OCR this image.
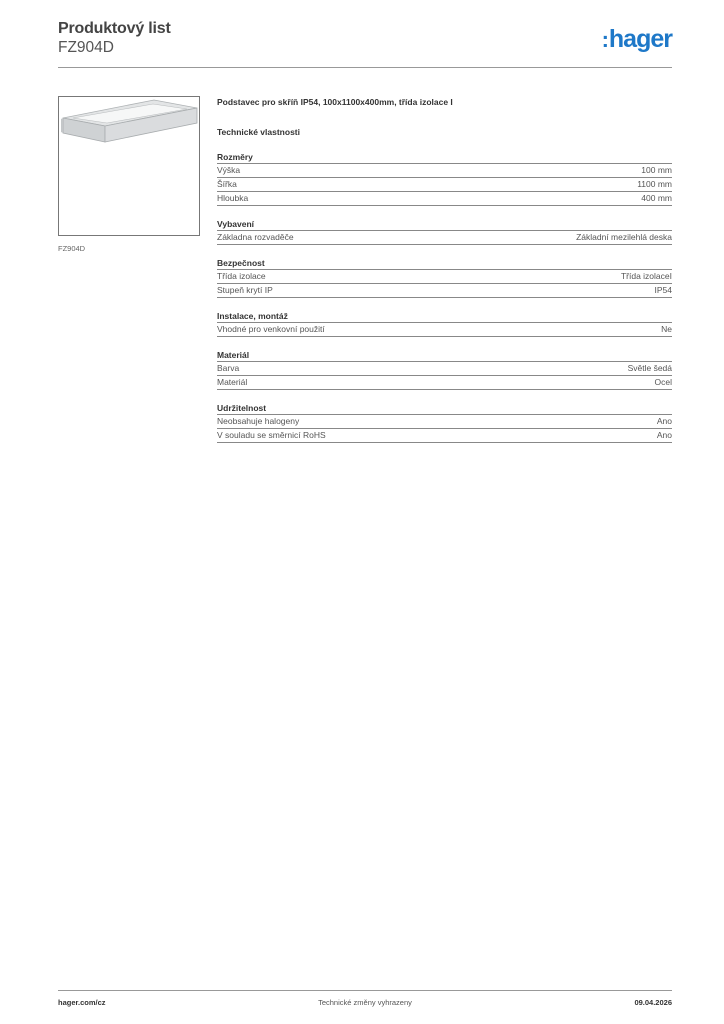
Produktový list
FZ904D	:hager
FZ904D
Podstavec pro skříň IP54, 100x1100x400mm, třída izolace I
Technické vlastnosti
Rozměry
Výška	100 mm
Šířka	1100 mm
Hloubka	400 mm
Vybavení
Základna rozvaděče	Základní mezilehlá deska
Bezpečnost
Třída izolace	Třída izolaceI
Stupeň krytí IP	IP54
Instalace, montáž
Vhodné pro venkovní použití	Ne
Materiál
Barva	Světle šedá
Materiál	Ocel
Udržitelnost
Neobsahuje halogeny	Ano
V souladu se směrnicí RoHS	Ano
hager.com/cz	Technické změny vyhrazeny	09.04.2026
